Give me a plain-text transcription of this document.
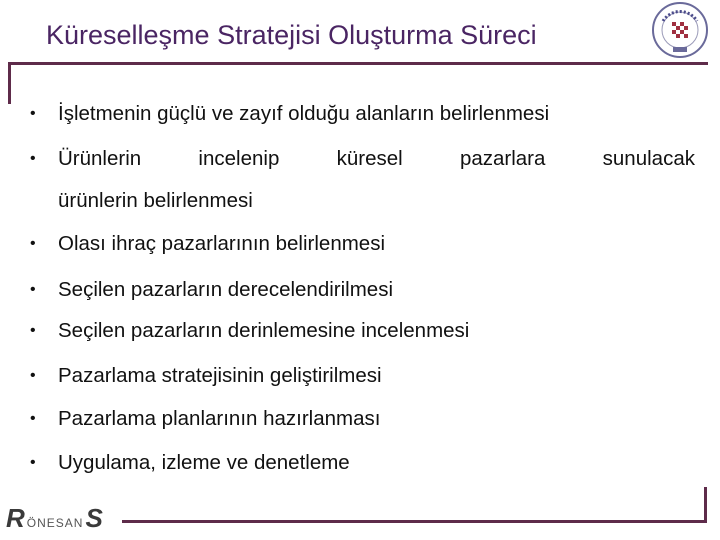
Küreselleşme Stratejisi Oluşturma Süreci
• İşletmenin güçlü ve zayıf olduğu alanların belirlenmesi
• Ürünlerin	incelenip	küresel	pazarlara	sunulacak
ürünlerin belirlenmesi
• Olası ihraç pazarlarının belirlenmesi
• Seçilen pazarların derecelendirilmesi
• Seçilen pazarların derinlemesine incelenmesi
• Pazarlama stratejisinin geliştirilmesi
• Pazarlama planlarının hazırlanması
• Uygulama, izleme ve denetleme
R ÖNESAN S
